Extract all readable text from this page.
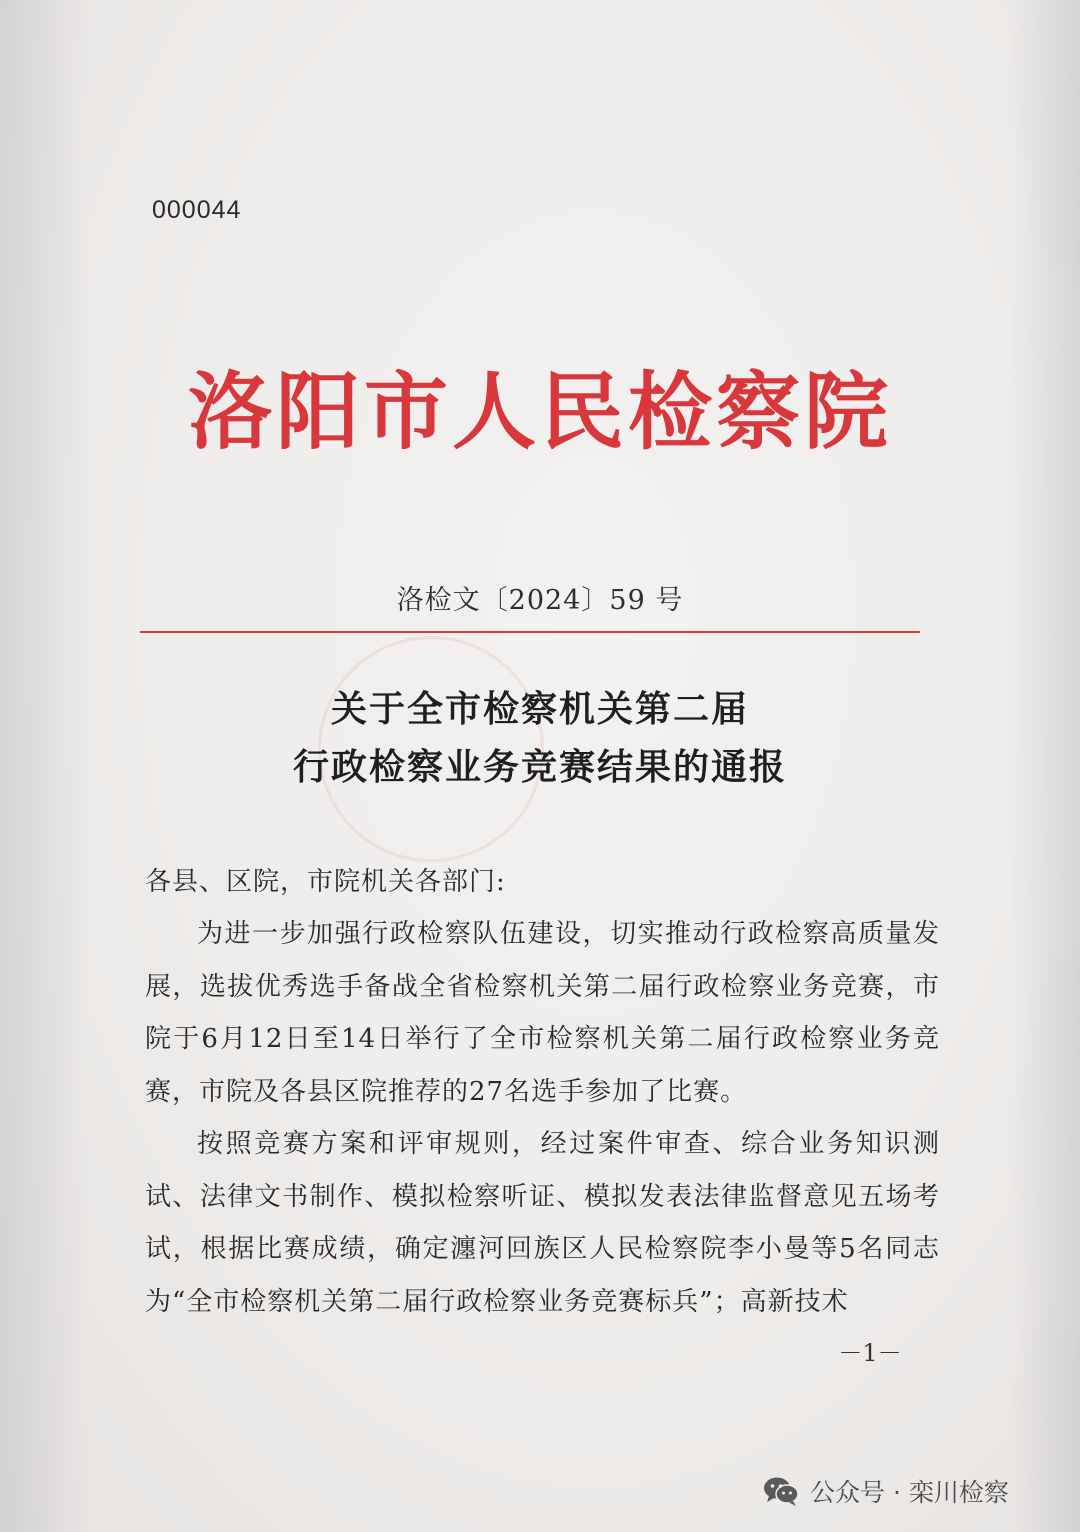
000044
洛阳市人民检察院
洛检文〔2024〕59 号
关于全市检察机关第二届
行政检察业务竞赛结果的通报
各县、区院，市院机关各部门:

为进一步加强行政检察队伍建设，切实推动行政检察高质量发展，选拔优秀选手备战全省检察机关第二届行政检察业务竞赛，市院于6月12日至14日举行了全市检察机关第二届行政检察业务竞赛，市院及各县区院推荐的27名选手参加了比赛。

按照竞赛方案和评审规则，经过案件审查、综合业务知识测试、法律文书制作、模拟检察听证、模拟发表法律监督意见五场考试，根据比赛成绩，确定瀍河回族区人民检察院李小曼等5名同志为“全市检察机关第二届行政检察业务竞赛标兵”；高新技术

－1－
公众号 · 栾川检察
